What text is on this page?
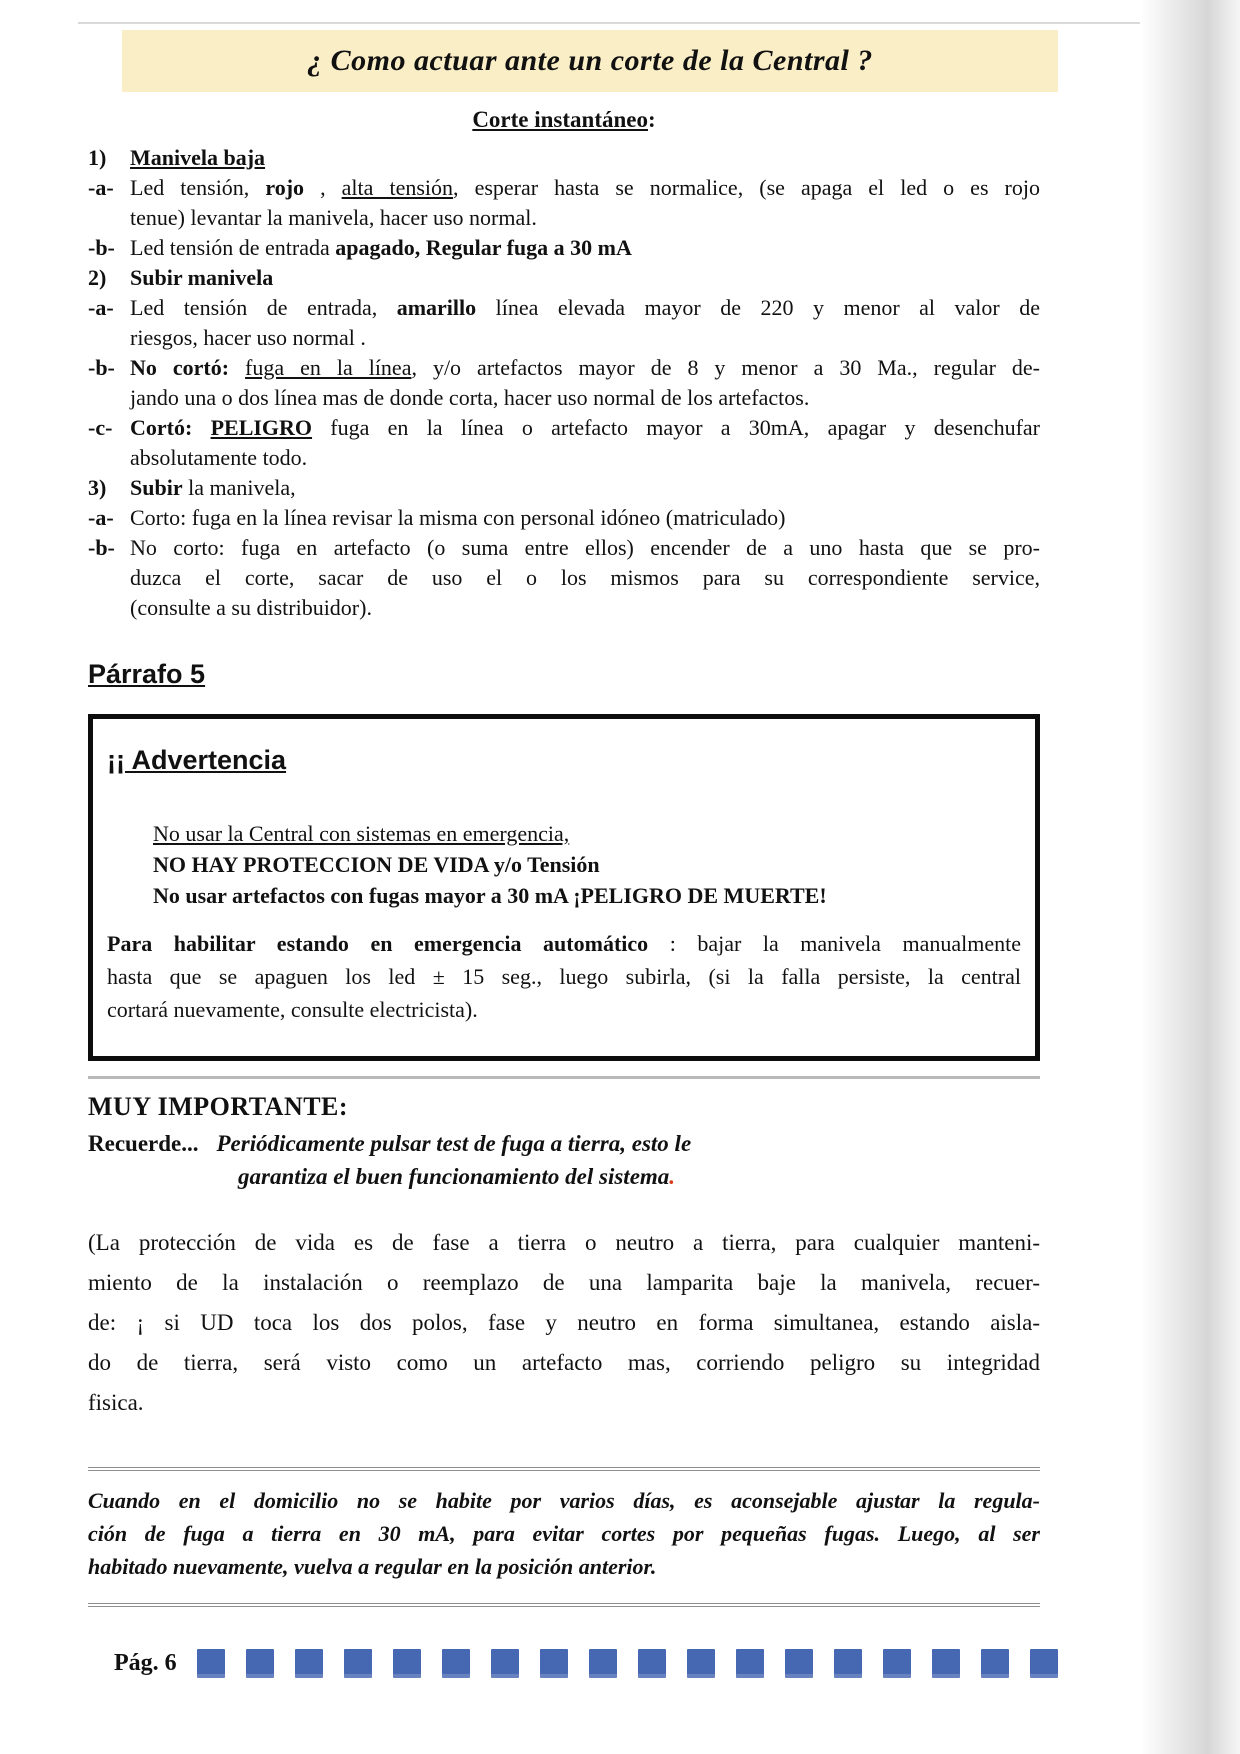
¿ Como actuar ante un corte de la Central ?
Corte instantáneo:
1)	Manivela baja
-a- Led tensión, rojo , alta tensión, esperar hasta se normalice, (se apaga el led o es rojo
tenue) levantar la manivela, hacer uso normal.
-b- Led tensión de entrada apagado, Regular fuga a 30 mA
2)	Subir manivela
-a- Led tensión de entrada, amarillo línea elevada mayor de 220 y menor al valor de
riesgos, hacer uso normal .
-b- No cortó: fuga en la línea, y/o artefactos mayor de 8 y menor a 30 Ma., regular de-
jando una o dos línea mas de donde corta, hacer uso normal de los artefactos.
-c- Cortó: PELIGRO fuga en la línea o artefacto mayor a 30mA, apagar y desenchufar
absolutamente todo.
3)	Subir la manivela,
-a- Corto: fuga en la línea revisar la misma con personal idóneo (matriculado)
-b- No corto: fuga en artefacto (o suma entre ellos) encender de a uno hasta que se pro-
duzca el corte, sacar de uso el o los mismos para su correspondiente service,
(consulte a su distribuidor).
Párrafo 5
¡¡ Advertencia
No usar la Central con sistemas en emergencia,
NO HAY PROTECCION DE VIDA y/o Tensión
No usar artefactos con fugas mayor a 30 mA ¡PELIGRO DE MUERTE!
Para habilitar estando en emergencia automático : bajar la manivela manualmente
hasta que se apaguen los led ± 15 seg., luego subirla, (si la falla persiste, la central
cortará nuevamente, consulte electricista).
MUY IMPORTANTE:
Recuerde... Periódicamente pulsar test de fuga a tierra, esto le
garantiza el buen funcionamiento del sistema.
(La protección de vida es de fase a tierra o neutro a tierra, para cualquier manteni-
miento de la instalación o reemplazo de una lamparita baje la manivela, recuer-
de: ¡ si UD toca los dos polos, fase y neutro en forma simultanea, estando aisla-
do de tierra, será visto como un artefacto mas, corriendo peligro su integridad
fisica.
Cuando en el domicilio no se habite por varios días, es aconsejable ajustar la regula-
ción de fuga a tierra en 30 mA, para evitar cortes por pequeñas fugas. Luego, al ser
habitado nuevamente, vuelva a regular en la posición anterior.
Pág. 6
